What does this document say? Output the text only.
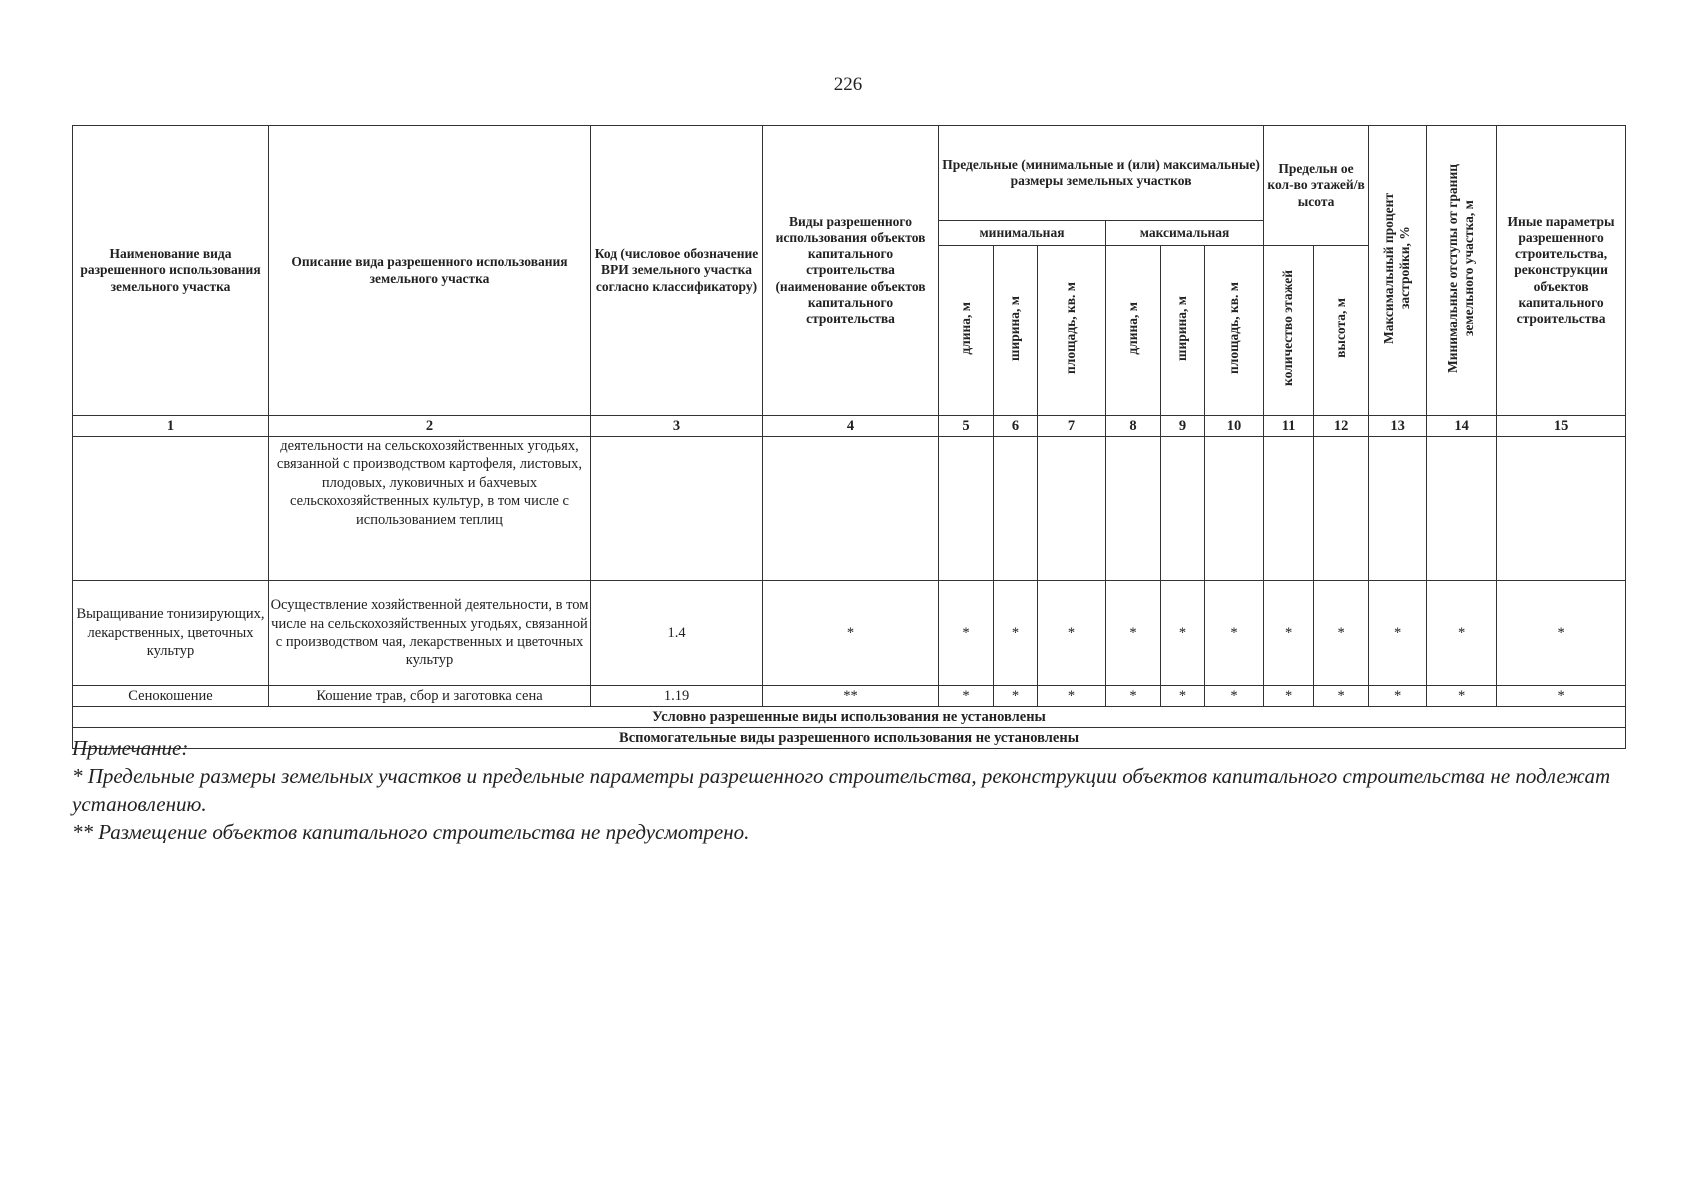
226
Наименование вида разрешенного использования земельного участка	Описание вида разрешенного использования земельного участка	Код (числовое обозначение ВРИ земельного участка согласно классификатору)	Виды разрешенного использования объектов капитального строительства (наименование объектов капитального строительства	Предельные (минимальные и (или) максимальные) размеры земельных участков						Предельн ое кол-во этажей/в ысота		Максимальный процент застройки, %	Минимальные отступы от границ земельного участка, м	Иные параметры разрешенного строительства, реконструкции объектов капитального строительства
				минимальная			максимальная							
				длина, м	ширина, м	площадь, кв. м	длина, м	ширина, м	площадь, кв. м	количество этажей	высота, м			
1	2	3	4	5	6	7	8	9	10	11	12	13	14	15
	деятельности на сельскохозяйственных угодьях, связанной с производством картофеля, листовых, плодовых, луковичных и бахчевых сельскохозяйственных культур, в том числе с использованием теплиц													
Выращивание тонизирующих, лекарственных, цветочных культур	Осуществление хозяйственной деятельности, в том числе на сельскохозяйственных угодьях, связанной с производством чая, лекарственных и цветочных культур	1.4	*	*	*	*	*	*	*	*	*	*	*	*
Сенокошение	Кошение трав, сбор и заготовка сена	1.19	**	*	*	*	*	*	*	*	*	*	*	*
Условно разрешенные виды использования не установлены														
Вспомогательные виды разрешенного использования не установлены														

Примечание:

* Предельные размеры земельных участков и предельные параметры разрешенного строительства, реконструкции объектов капитального строительства не подлежат установлению.

** Размещение объектов капитального строительства не предусмотрено.
